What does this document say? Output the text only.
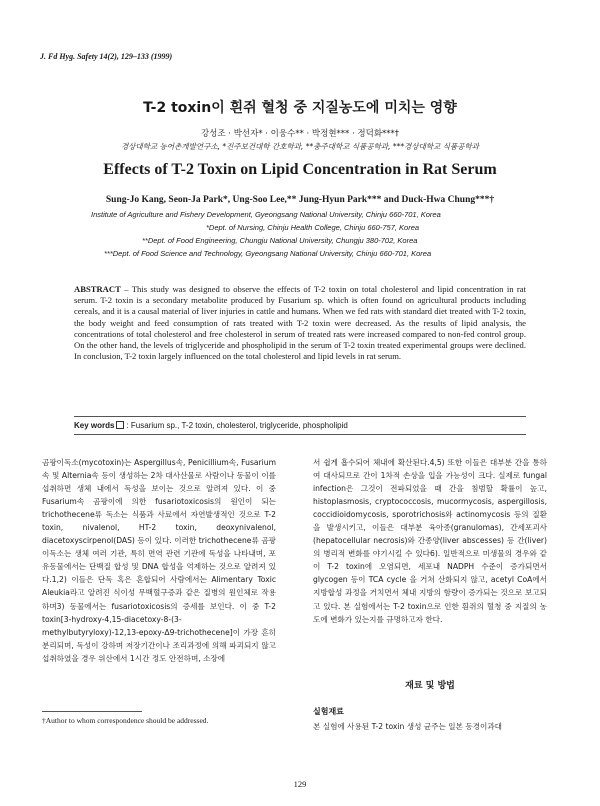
J. Fd Hyg. Safety 14(2), 129–133 (1999)
T-2 toxin이 흰쥐 혈청 중 지질농도에 미치는 영향
강성조 · 박선자* · 이웅수** · 박정현*** · 정덕화***†
경상대학교 농어촌개발연구소, *진주보건대학 간호학과, **충주대학교 식품공학과, ***경상대학교 식품공학과
Effects of T-2 Toxin on Lipid Concentration in Rat Serum
Sung-Jo Kang, Seon-Ja Park*, Ung-Soo Lee,** Jung-Hyun Park*** and Duck-Hwa Chung***†
Institute of Agriculture and Fishery Development, Gyeongsang National University, Chinju 660-701, Korea
*Dept. of Nursing, Chinju Health College, Chinju 660-757, Korea
**Dept. of Food Engineering, Chungju National University, Chungju 380-702, Korea
***Dept. of Food Science and Technology, Gyeongsang National University, Chinju 660-701, Korea
ABSTRACT – This study was designed to observe the effects of T-2 toxin on total cholesterol and lipid concentration in rat serum. T-2 toxin is a secondary metabolite produced by Fusarium sp. which is often found on agricultural products including cereals, and it is a causal material of liver injuries in cattle and humans. When we fed rats with standard diet treated with T-2 toxin, the body weight and feed consumption of rats treated with T-2 toxin were decreased. As the results of lipid analysis, the concentrations of total cholesterol and free cholesterol in serum of treated rats were increased compared to non-fed control group. On the other hand, the levels of triglyceride and phospholipid in the serum of T-2 toxin treated experimental groups were declined. In conclusion, T-2 toxin largely influenced on the total cholesterol and lipid levels in rat serum.
Key words : Fusarium sp., T-2 toxin, cholesterol, triglyceride, phospholipid
곰팡이독소(mycotoxin)는 Aspergillus속, Penicillium속, Fusarium속 및 Alternia속 등이 생성하는 2차 대사산물로 사람이나 동물이 이를 섭취하면 생체 내에서 독성을 보이는 것으로 알려져 있다. 이 중 Fusarium속 곰팡이에 의한 fusariotoxicosis의 원인이 되는 trichothecene류 독소는 식품과 사료에서 자연발생적인 것으로 T-2 toxin, nivalenol, HT-2 toxin, deoxynivalenol, diacetoxyscirpenol(DAS) 등이 있다. 이러한 trichothecene류 곰팡이독소는 생체 여러 기관, 특히 면역 관련 기관에 독성을 나타내며, 포유동물에서는 단백질 합성 및 DNA 합성을 억제하는 것으로 알려져 있다.1,2) 이들은 단독 혹은 혼합되어 사람에서는 Alimentary Toxic Aleukia라고 알려진 식이성 무백혈구증과 같은 질병의 원인체로 작용하며3) 동물에서는 fusariotoxicosis의 증세를 보인다. 이 중 T-2 toxin[3-hydroxy-4,15-diacetoxy-8-(3-methylbutyryloxy)-12,13-epoxy-Δ9-trichothecene]이 가장 흔히 분리되며, 독성이 강하며 저장기간이나 조리과정에 의해 파괴되지 않고 섭취하였을 경우 위산에서 1시간 정도 안전하며, 소장에
서 쉽게 흡수되어 체내에 확산된다.4,5) 또한 이들은 대부분 간을 통하여 대사되므로 간이 1차적 손상을 입을 가능성이 크다. 실제로 fungal infection은 그것이 전파되었을 때 간을 침범할 확률이 높고, histoplasmosis, cryptococcosis, mucormycosis, aspergillosis, coccidioidomycosis, sporotrichosis와 actinomycosis 등의 질환을 발생시키고, 이들은 대부분 육아종(granulomas), 간세포괴사(hepatocellular necrosis)와 간종양(liver abscesses) 등 간(liver)의 병리적 변화를 야기시킬 수 있다6). 일반적으로 미생물의 경우와 같이 T-2 toxin에 오염되면, 세포내 NADPH 수준이 증가되면서 glycogen 등이 TCA cycle 을 거쳐 산화되지 않고, acetyl CoA에서 지방합성 과정을 거치면서 체내 지방의 함량이 증가되는 것으로 보고되고 있다. 본 실험에서는 T-2 toxin으로 인한 흰쥐의 혈청 중 지질의 농도에 변화가 있는지를 규명하고자 한다.
재료 및 방법
실험재료
본 실험에 사용된 T-2 toxin 생성 균주는 일본 동경이과대
†Author to whom correspondence should be addressed.
129
